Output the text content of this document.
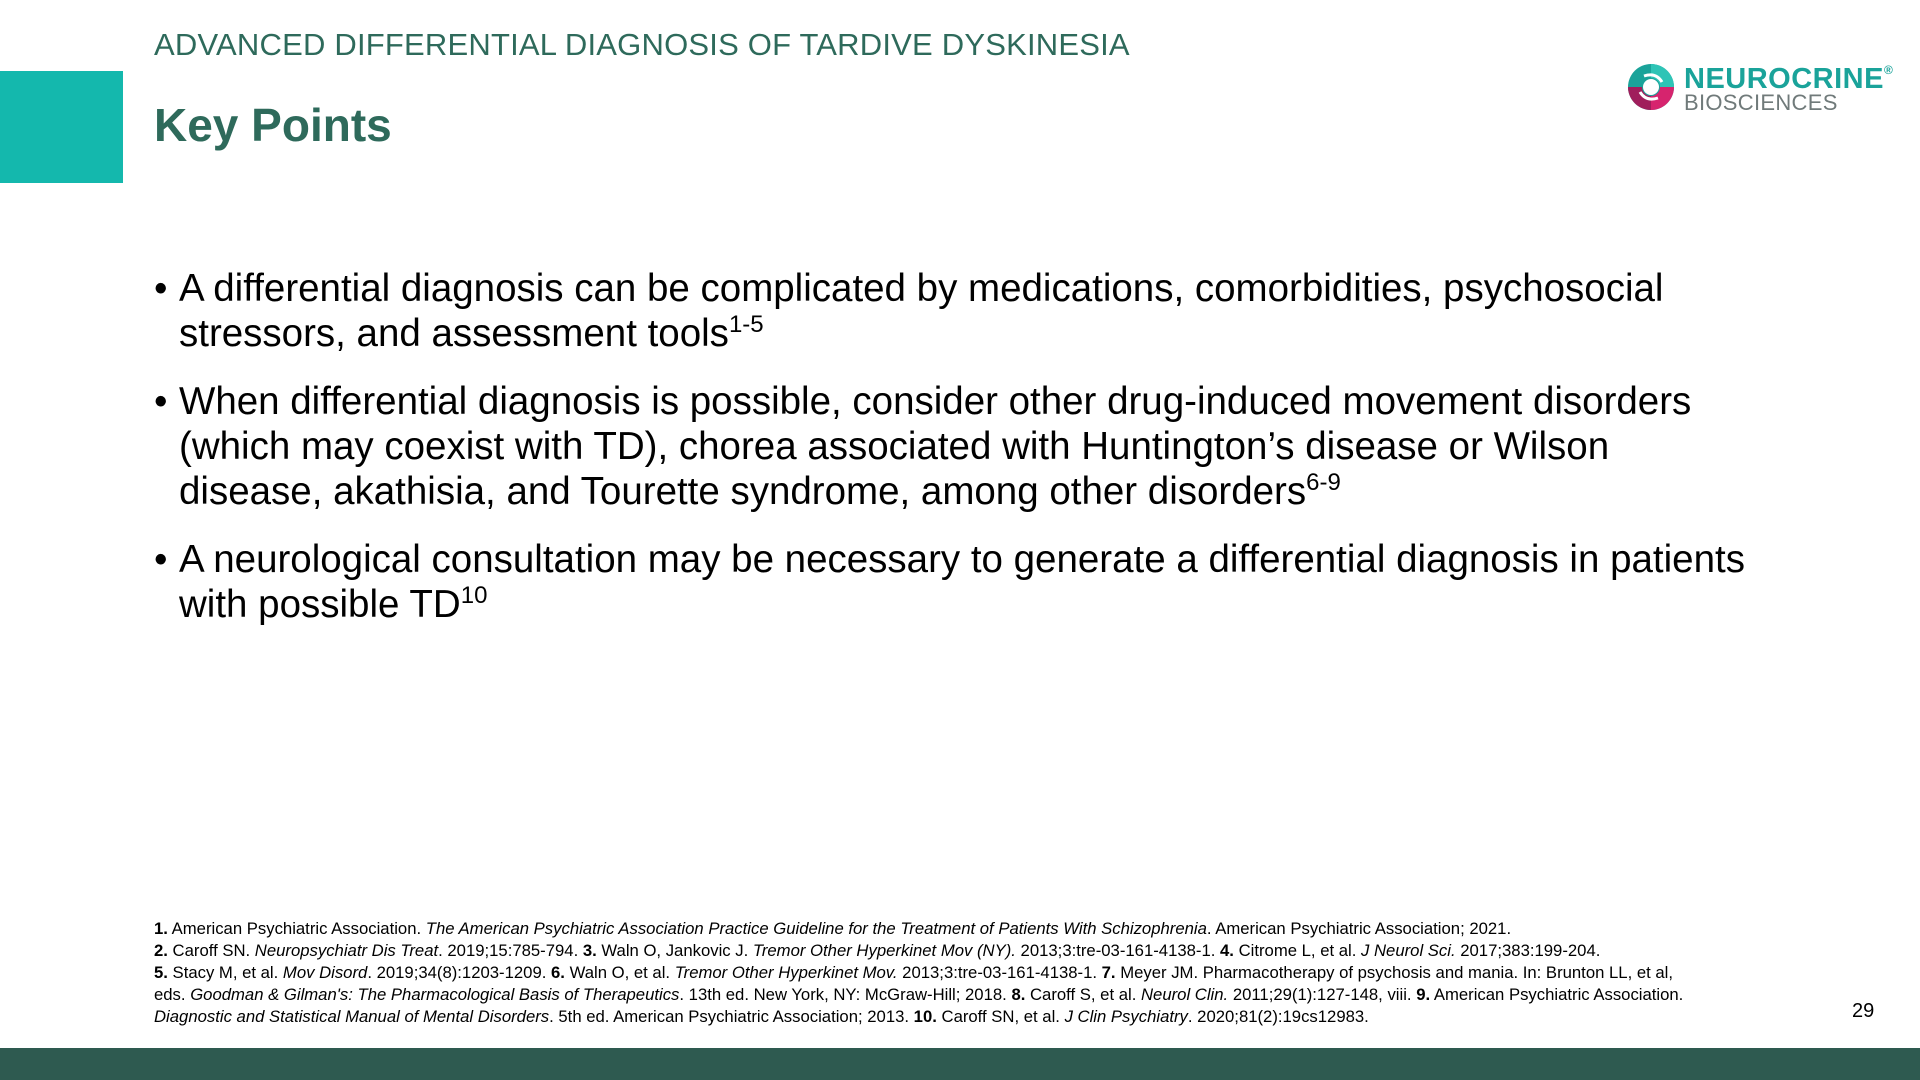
ADVANCED DIFFERENTIAL DIAGNOSIS OF TARDIVE DYSKINESIA
Key Points
NEUROCRINE®
BIOSCIENCES
• A differential diagnosis can be complicated by medications, comorbidities, psychosocial
stressors, and assessment tools$^{1-5}$
• When differential diagnosis is possible, consider other drug-induced movement disorders
(which may coexist with TD), chorea associated with Huntington’s disease or Wilson
disease, akathisia, and Tourette syndrome, among other disorders$^{6-9}$
• A neurological consultation may be necessary to generate a differential diagnosis in patients
with possible TD$^{10}$

1. American Psychiatric Association. The American Psychiatric Association Practice Guideline for the Treatment of Patients With Schizophrenia. American Psychiatric Association; 2021.

2. Caroff SN. Neuropsychiatr Dis Treat. 2019;15:785-794. 3. Waln O, Jankovic J. Tremor Other Hyperkinet Mov (NY). 2013;3:tre-03-161-4138-1. 4. Citrome L, et al. J Neurol Sci. 2017;383:199-204.

5. Stacy M, et al. Mov Disord. 2019;34(8):1203-1209. 6. Waln O, et al. Tremor Other Hyperkinet Mov. 2013;3:tre-03-161-4138-1. 7. Meyer JM. Pharmacotherapy of psychosis and mania. In: Brunton LL, et al,

eds. Goodman & Gilman's: The Pharmacological Basis of Therapeutics. 13th ed. New York, NY: McGraw-Hill; 2018. 8. Caroff S, et al. Neurol Clin. 2011;29(1):127-148, viii. 9. American Psychiatric Association.

Diagnostic and Statistical Manual of Mental Disorders. 5th ed. American Psychiatric Association; 2013. 10. Caroff SN, et al. J Clin Psychiatry. 2020;81(2):19cs12983.	29
